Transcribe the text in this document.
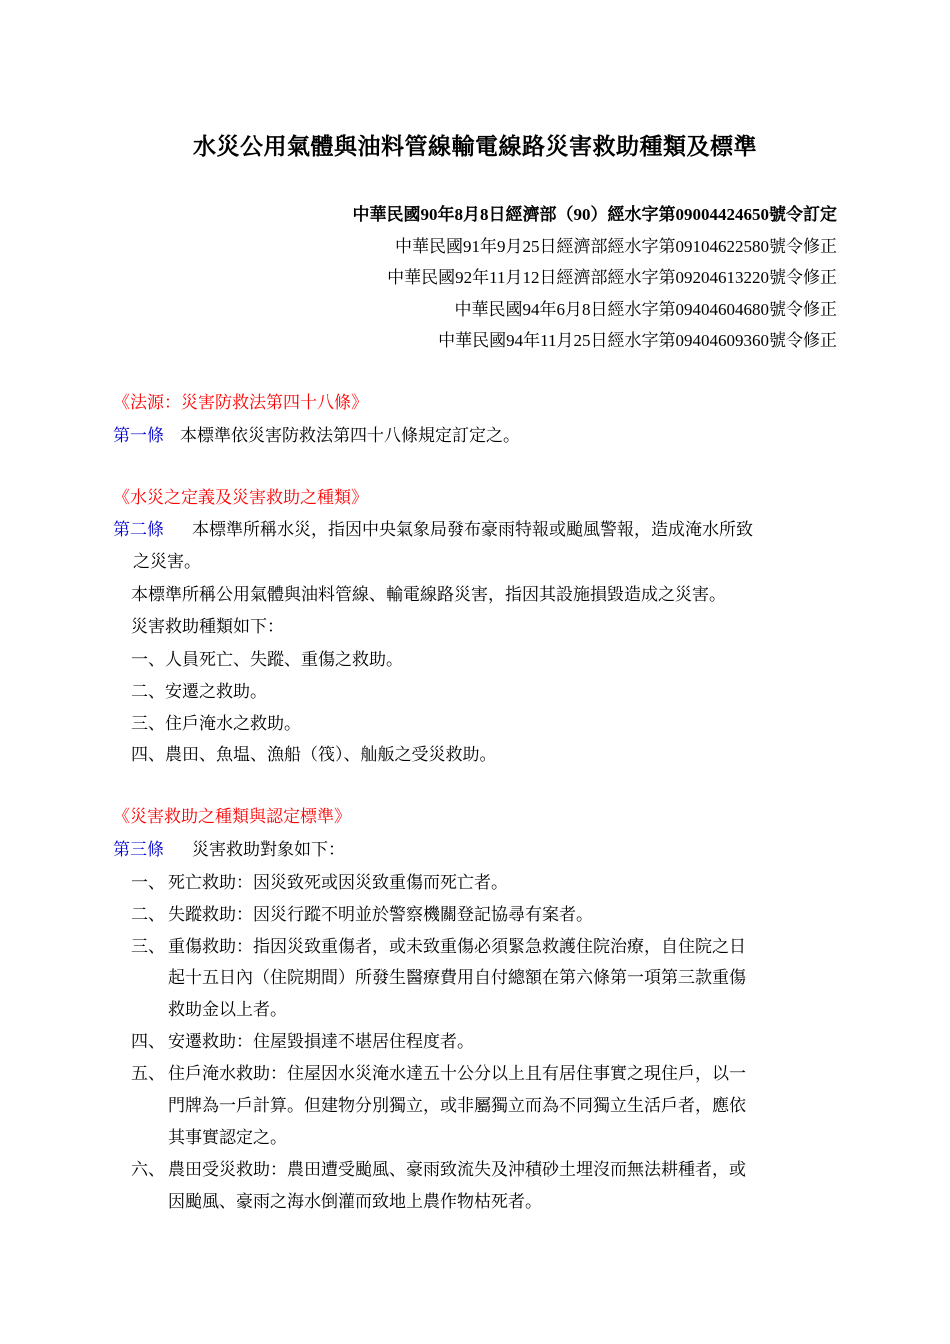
水災公用氣體與油料管線輸電線路災害救助種類及標準
中華民國90年8月8日經濟部（90）經水字第09004424650號令訂定
中華民國91年9月25日經濟部經水字第09104622580號令修正
中華民國92年11月12日經濟部經水字第09204613220號令修正
中華民國94年6月8日經水字第09404604680號令修正
中華民國94年11月25日經水字第09404609360號令修正
《法源：災害防救法第四十八條》
第一條 本標準依災害防救法第四十八條規定訂定之。
《水災之定義及災害救助之種類》
第二條 本標準所稱水災，指因中央氣象局發布豪雨特報或颱風警報，造成淹水所致
之災害。
本標準所稱公用氣體與油料管線、輸電線路災害，指因其設施損毀造成之災害。
災害救助種類如下：
一、人員死亡、失蹤、重傷之救助。
二、安遷之救助。
三、住戶淹水之救助。
四、農田、魚塭、漁船（筏）、舢舨之受災救助。
《災害救助之種類與認定標準》
第三條 災害救助對象如下：
一、 死亡救助：因災致死或因災致重傷而死亡者。
二、 失蹤救助：因災行蹤不明並於警察機關登記協尋有案者。
三、 重傷救助：指因災致重傷者，或未致重傷必須緊急救護住院治療，自住院之日
起十五日內（住院期間）所發生醫療費用自付總額在第六條第一項第三款重傷
救助金以上者。
四、 安遷救助：住屋毀損達不堪居住程度者。
五、 住戶淹水救助：住屋因水災淹水達五十公分以上且有居住事實之現住戶，以一
門牌為一戶計算。但建物分別獨立，或非屬獨立而為不同獨立生活戶者，應依
其事實認定之。
六、 農田受災救助：農田遭受颱風、豪雨致流失及沖積砂土埋沒而無法耕種者，或
因颱風、豪雨之海水倒灌而致地上農作物枯死者。
